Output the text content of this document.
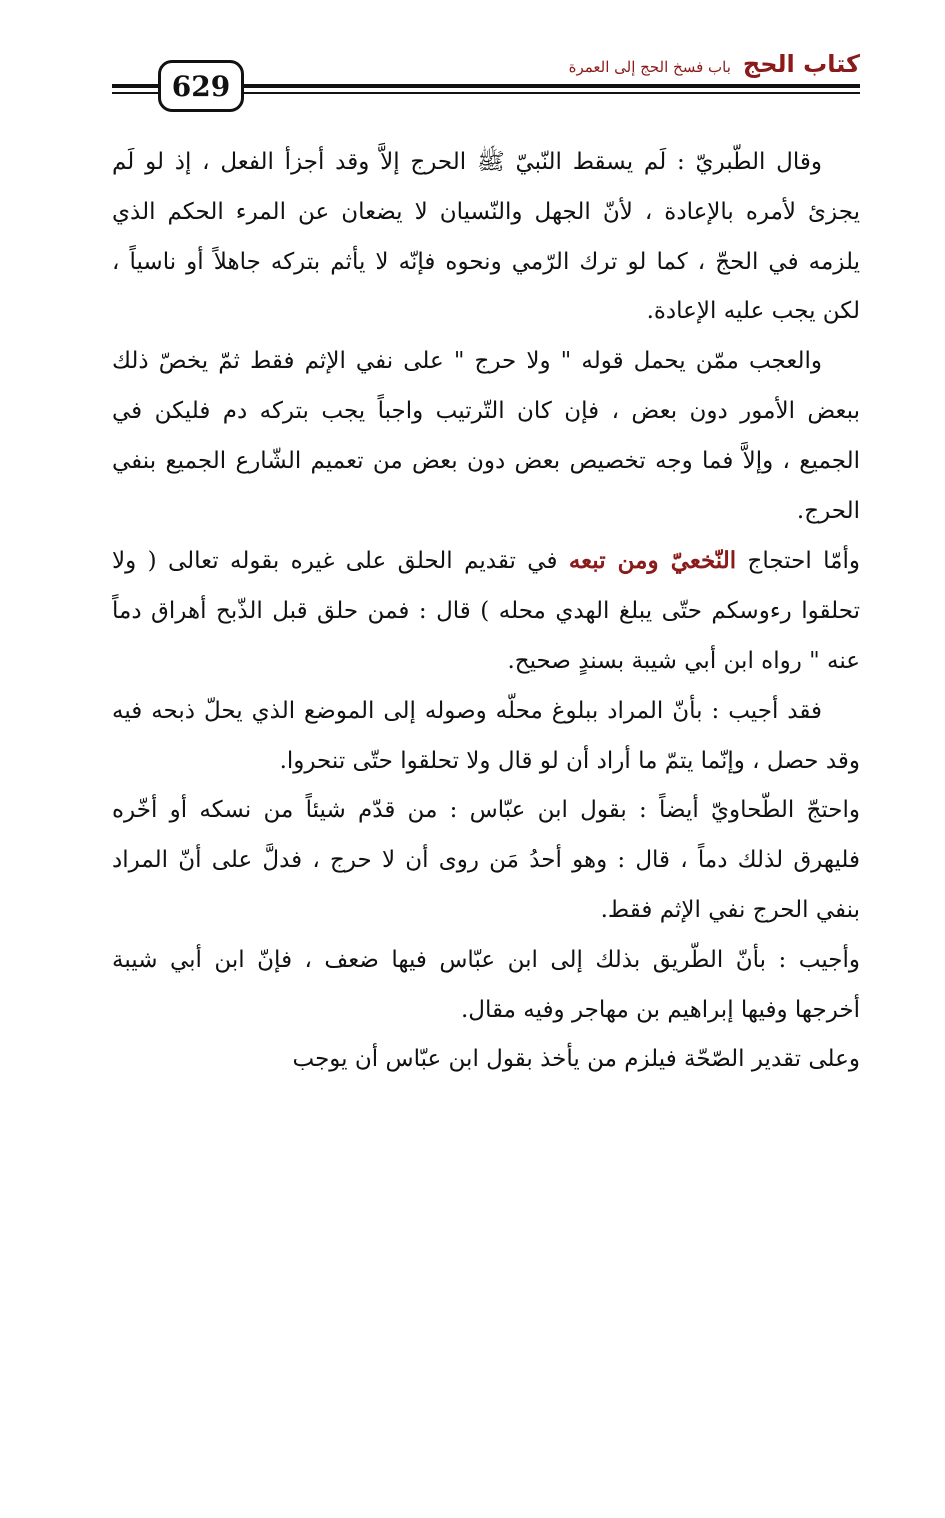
629
كتاب الحج
باب فسخ الحج إلى العمرة

وقال الطّبريّ : لَم يسقط النّبيّ ﷺ الحرج إلاَّ وقد أجزأ الفعل ، إذ لو لَم يجزئ لأمره بالإعادة ، لأنّ الجهل والنّسيان لا يضعان عن المرء الحكم الذي يلزمه في الحجّ ، كما لو ترك الرّمي ونحوه فإنّه لا يأثم بتركه جاهلاً أو ناسياً ، لكن يجب عليه الإعادة.

والعجب ممّن يحمل قوله " ولا حرج " على نفي الإثم فقط ثمّ يخصّ ذلك ببعض الأمور دون بعض ، فإن كان التّرتيب واجباً يجب بتركه دم فليكن في الجميع ، وإلاَّ فما وجه تخصيص بعض دون بعض من تعميم الشّارع الجميع بنفي الحرج.

وأمّا احتجاج النّخعيّ ومن تبعه في تقديم الحلق على غيره بقوله تعالى ( ولا تحلقوا رءوسكم حتّى يبلغ الهدي محله ) قال : فمن حلق قبل الذّبح أهراق دماً عنه " رواه ابن أبي شيبة بسندٍ صحيح.

فقد أجيب : بأنّ المراد ببلوغ محلّه وصوله إلى الموضع الذي يحلّ ذبحه فيه وقد حصل ، وإنّما يتمّ ما أراد أن لو قال ولا تحلقوا حتّى تنحروا.

واحتجّ الطّحاويّ أيضاً : بقول ابن عبّاس : من قدّم شيئاً من نسكه أو أخّره فليهرق لذلك دماً ، قال : وهو أحدُ مَن روى أن لا حرج ، فدلَّ على أنّ المراد بنفي الحرج نفي الإثم فقط.

وأجيب : بأنّ الطّريق بذلك إلى ابن عبّاس فيها ضعف ، فإنّ ابن أبي شيبة أخرجها وفيها إبراهيم بن مهاجر وفيه مقال.

وعلى تقدير الصّحّة فيلزم من يأخذ بقول ابن عبّاس أن يوجب
